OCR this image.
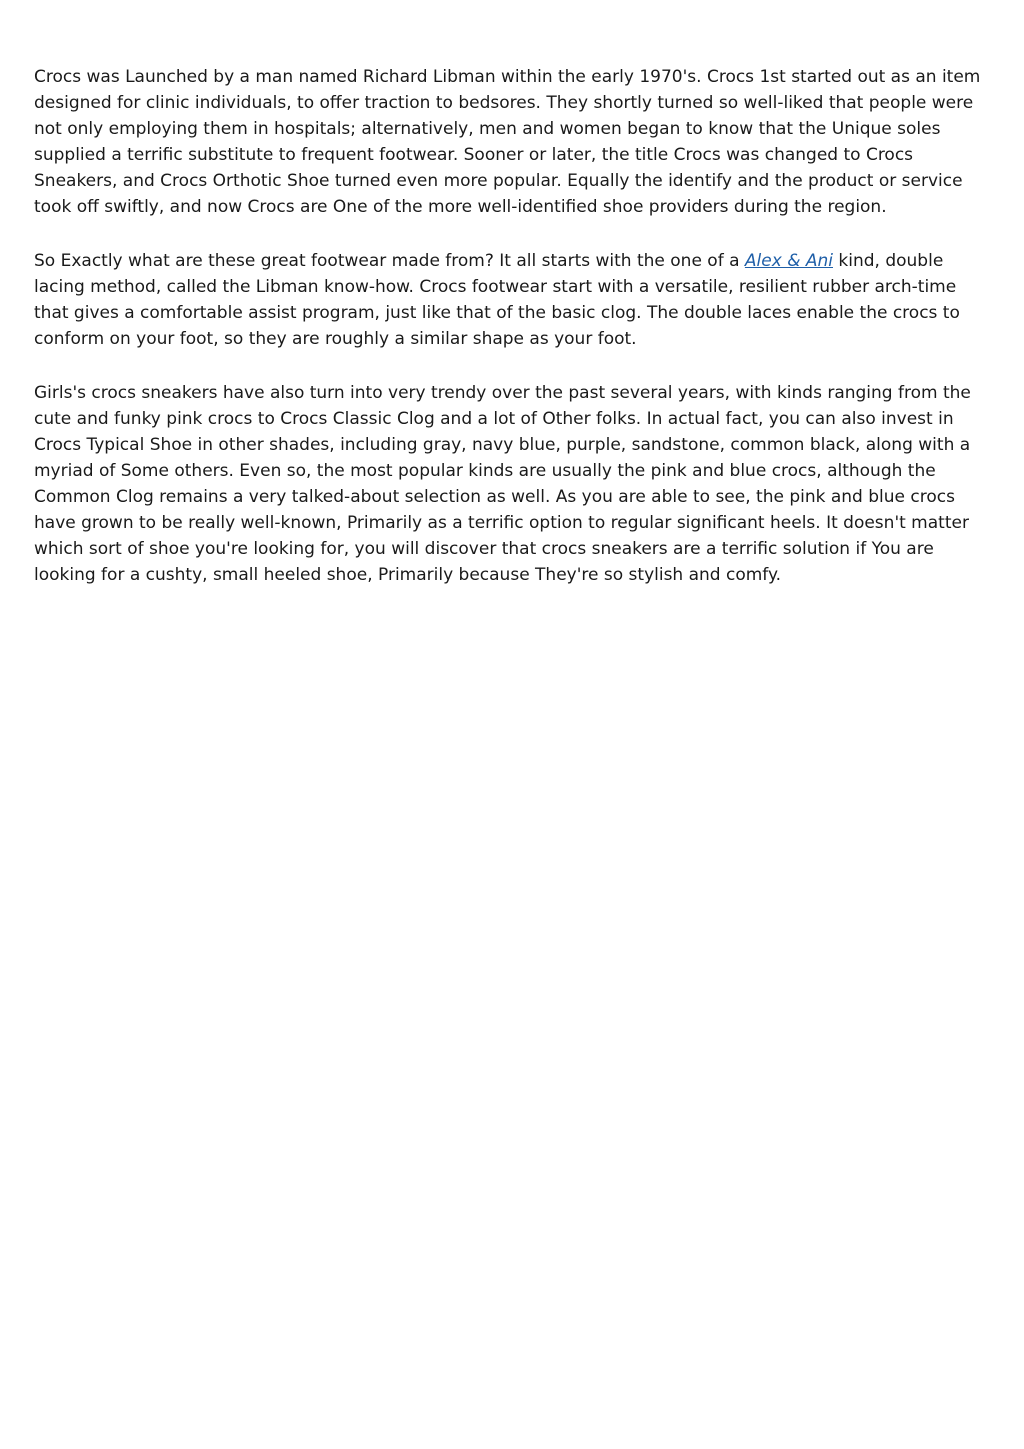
Crocs was Launched by a man named Richard Libman within the early 1970's. Crocs 1st started out as an item designed for clinic individuals, to offer traction to bedsores. They shortly turned so well-liked that people were not only employing them in hospitals; alternatively, men and women began to know that the Unique soles supplied a terrific substitute to frequent footwear. Sooner or later, the title Crocs was changed to Crocs Sneakers, and Crocs Orthotic Shoe turned even more popular. Equally the identify and the product or service took off swiftly, and now Crocs are One of the more well-identified shoe providers during the region.

So Exactly what are these great footwear made from? It all starts with the one of a Alex & Ani kind, double lacing method, called the Libman know-how. Crocs footwear start with a versatile, resilient rubber arch-time that gives a comfortable assist program, just like that of the basic clog. The double laces enable the crocs to conform on your foot, so they are roughly a similar shape as your foot.

Girls's crocs sneakers have also turn into very trendy over the past several years, with kinds ranging from the cute and funky pink crocs to Crocs Classic Clog and a lot of Other folks. In actual fact, you can also invest in Crocs Typical Shoe in other shades, including gray, navy blue, purple, sandstone, common black, along with a myriad of Some others. Even so, the most popular kinds are usually the pink and blue crocs, although the Common Clog remains a very talked-about selection as well. As you are able to see, the pink and blue crocs have grown to be really well-known, Primarily as a terrific option to regular significant heels. It doesn't matter which sort of shoe you're looking for, you will discover that crocs sneakers are a terrific solution if You are looking for a cushty, small heeled shoe, Primarily because They're so stylish and comfy.
